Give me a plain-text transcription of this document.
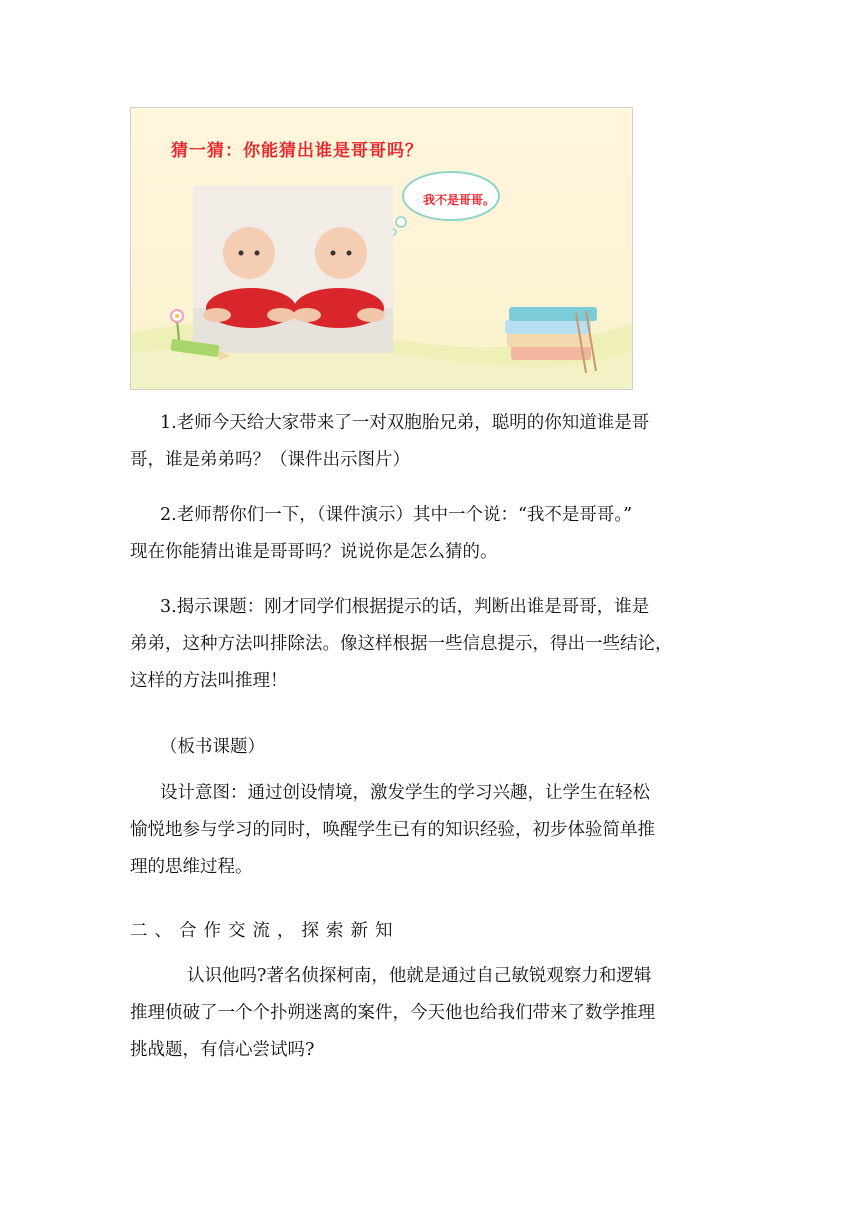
猜一猜：你能猜出谁是哥哥吗？
我不是哥哥。
1.老师今天给大家带来了一对双胞胎兄弟，聪明的你知道谁是哥
哥，谁是弟弟吗？（课件出示图片）
2.老师帮你们一下，（课件演示）其中一个说：“我不是哥哥。”
现在你能猜出谁是哥哥吗？说说你是怎么猜的。
3.揭示课题：刚才同学们根据提示的话，判断出谁是哥哥，谁是
弟弟，这种方法叫排除法。像这样根据一些信息提示，得出一些结论，
这样的方法叫推理！
（板书课题）
设计意图：通过创设情境，激发学生的学习兴趣，让学生在轻松
愉悦地参与学习的同时，唤醒学生已有的知识经验，初步体验简单推
理的思维过程。
二、合作交流，探索新知
认识他吗?著名侦探柯南，他就是通过自己敏锐观察力和逻辑
推理侦破了一个个扑朔迷离的案件，今天他也给我们带来了数学推理
挑战题，有信心尝试吗?
